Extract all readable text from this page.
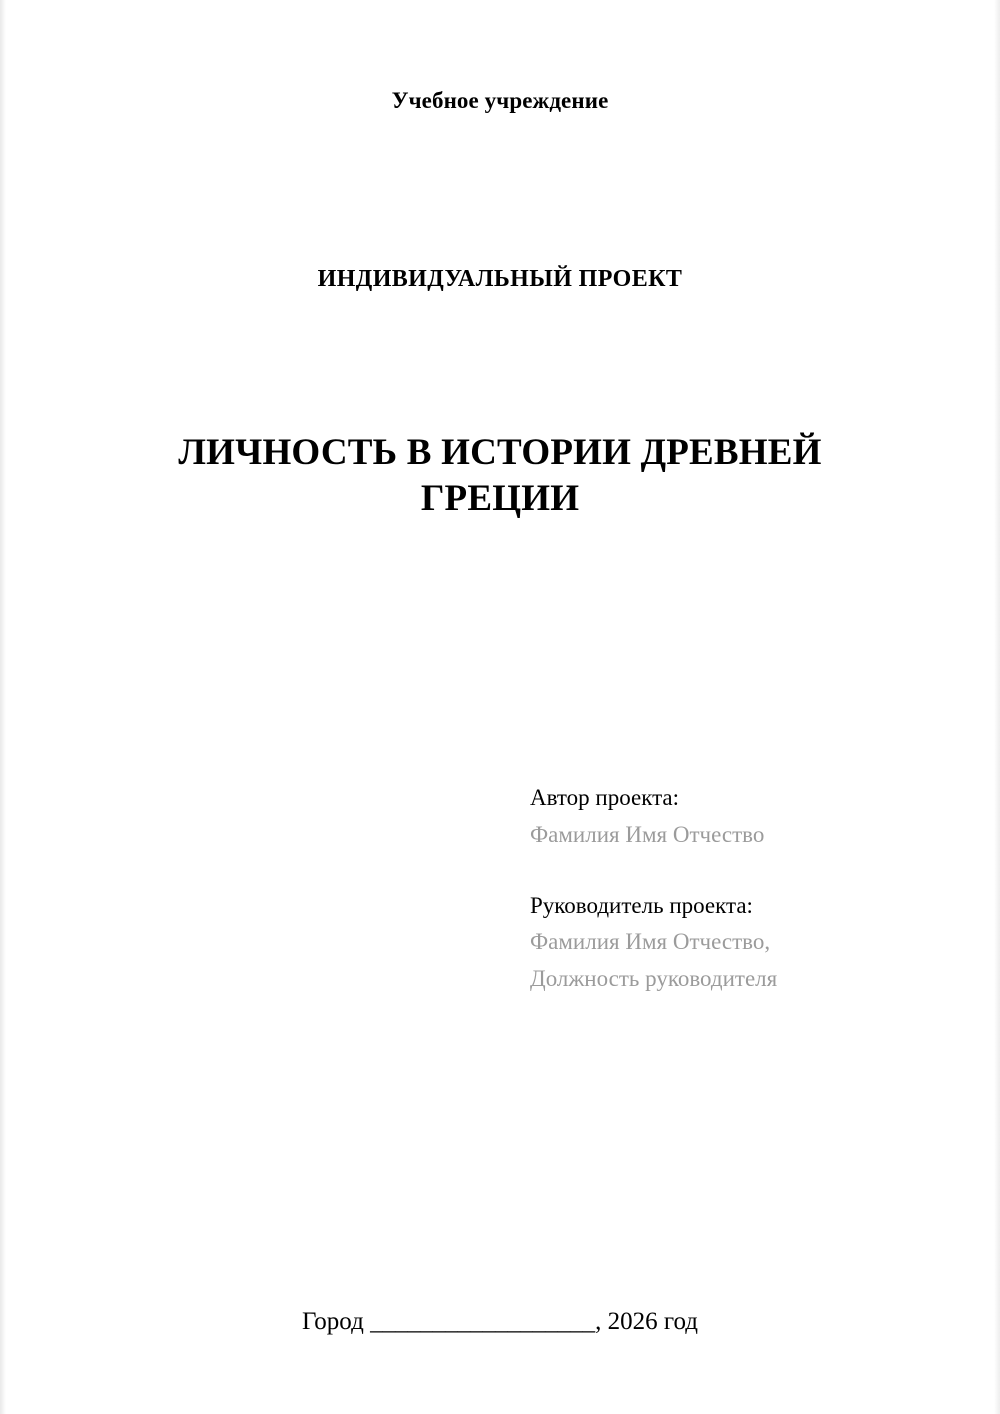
Учебное учреждение
ИНДИВИДУАЛЬНЫЙ ПРОЕКТ
ЛИЧНОСТЬ В ИСТОРИИ ДРЕВНЕЙ ГРЕЦИИ

Автор проекта:

Фамилия Имя Отчество

Руководитель проекта:

Фамилия Имя Отчество,

Должность руководителя

Город __________________, 2026 год
